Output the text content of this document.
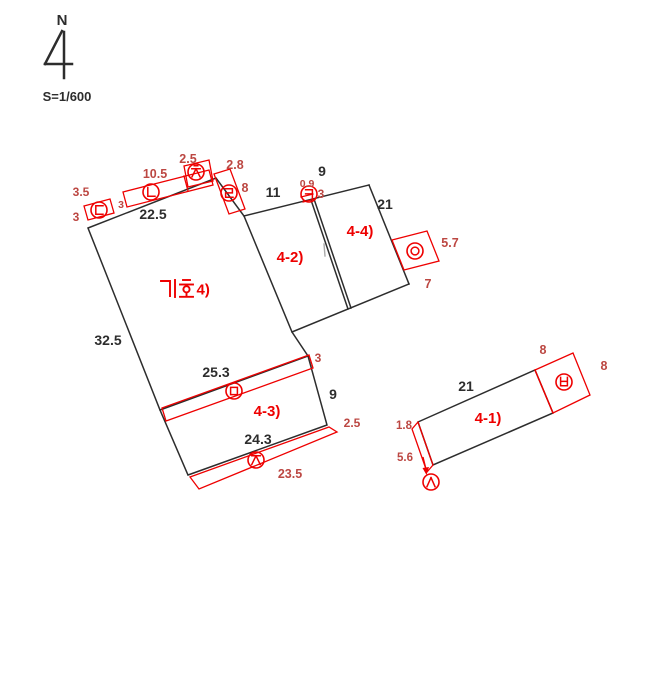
N
S=1/600
22.5
11
9
21
32.5
25.3
9
24.3
21
3.5
3
3
10.5
2.5 2.8
8	0.9
3
5.7
7
3
2.5
23.5
8
8
1.8
5.6
4)
4-2)
4-4)
4-3)	4-1)
